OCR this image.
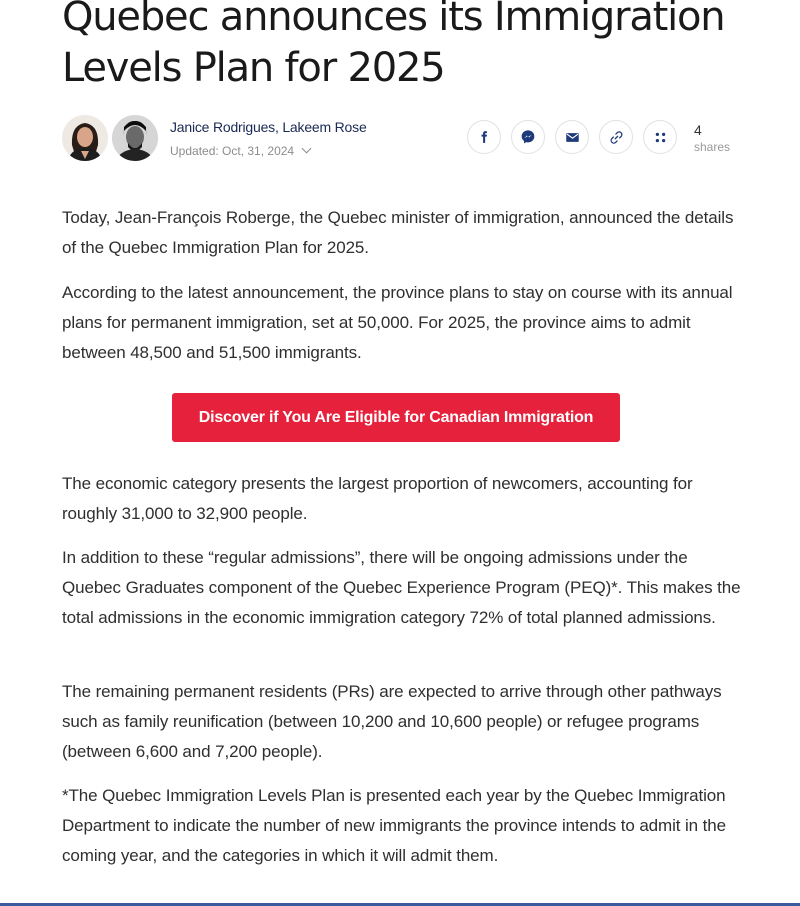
Quebec announces its Immigration Levels Plan for 2025
Janice Rodrigues, Lakeem Rose
Updated: Oct, 31, 2024
4
shares

Today, Jean-François Roberge, the Quebec minister of immigration, announced the details of the Quebec Immigration Plan for 2025.

According to the latest announcement, the province plans to stay on course with its annual plans for permanent immigration, set at 50,000. For 2025, the province aims to admit between 48,500 and 51,500 immigrants.

Discover if You Are Eligible for Canadian Immigration

The economic category presents the largest proportion of newcomers, accounting for roughly 31,000 to 32,900 people.

In addition to these “regular admissions”, there will be ongoing admissions under the Quebec Graduates component of the Quebec Experience Program (PEQ)*. This makes the total admissions in the economic immigration category 72% of total planned admissions.

The remaining permanent residents (PRs) are expected to arrive through other pathways such as family reunification (between 10,200 and 10,600 people) or refugee programs (between 6,600 and 7,200 people).

*The Quebec Immigration Levels Plan is presented each year by the Quebec Immigration Department to indicate the number of new immigrants the province intends to admit in the coming year, and the categories in which it will admit them.
